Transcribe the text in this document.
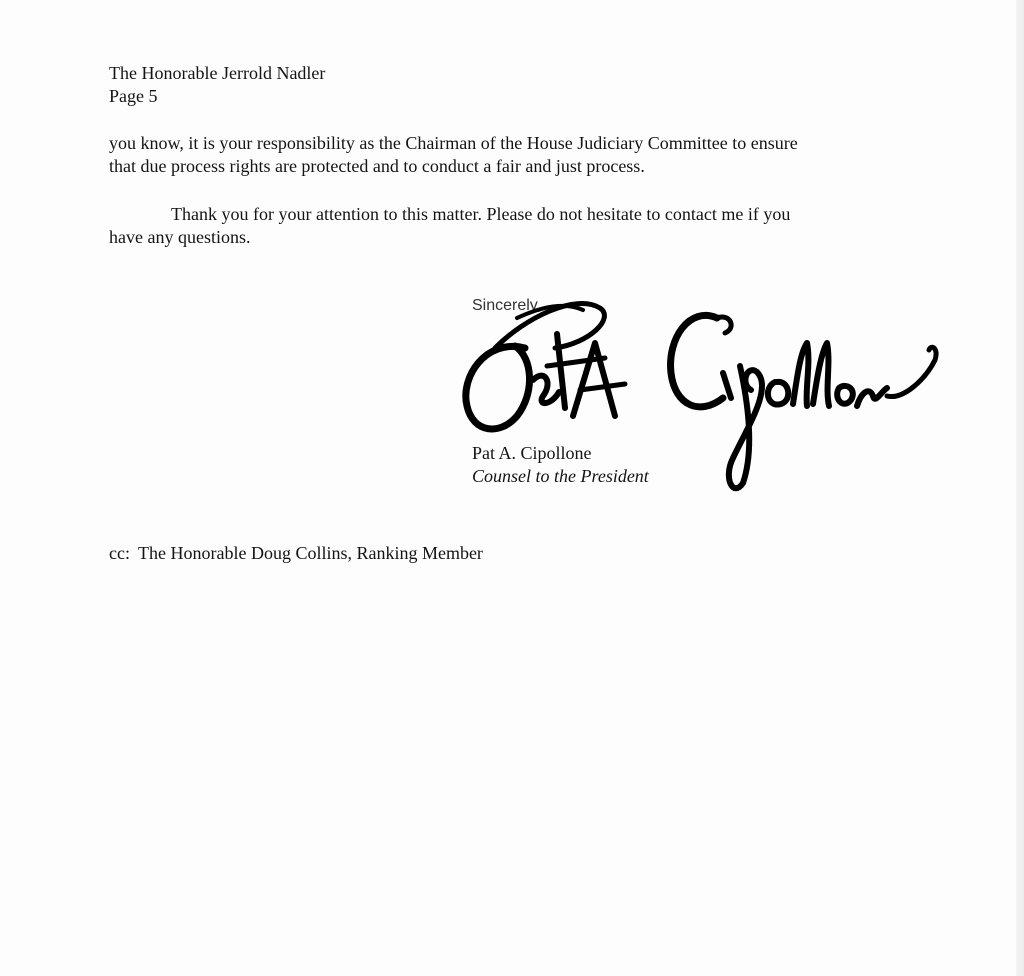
The Honorable Jerrold Nadler
Page 5
you know, it is your responsibility as the Chairman of the House Judiciary Committee to ensure
that due process rights are protected and to conduct a fair and just process.
Thank you for your attention to this matter. Please do not hesitate to contact me if you
have any questions.
Sincerely,
Pat A. Cipollone
Counsel to the President
cc: The Honorable Doug Collins, Ranking Member
